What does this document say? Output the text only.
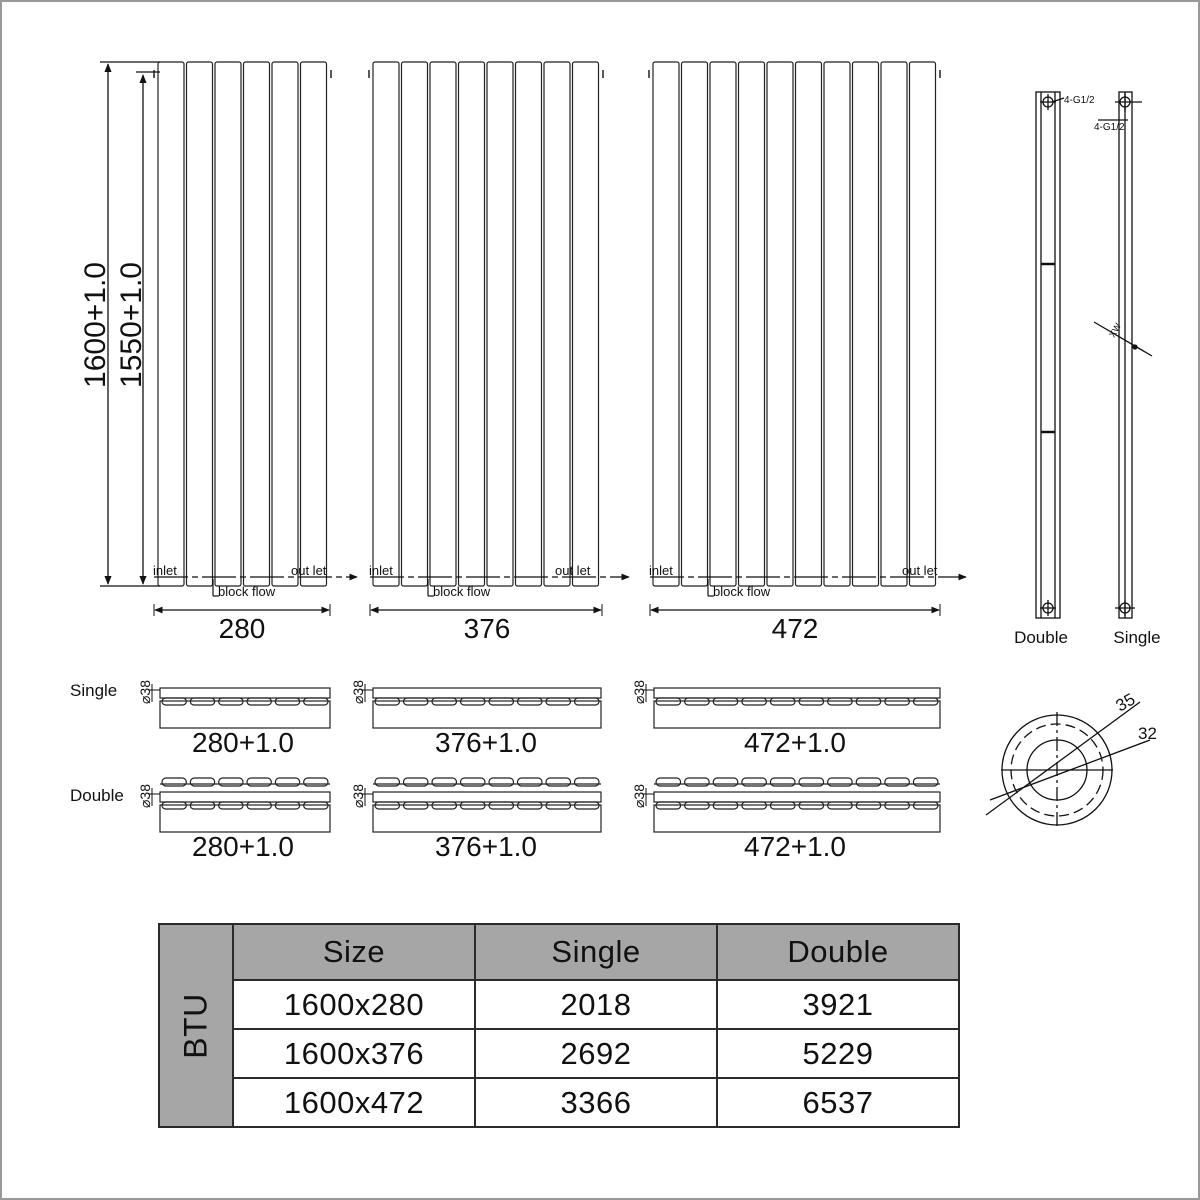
inlet	out let
block flow
280
inlet	out let
block flow
376
inlet	out let
block flow
472
1600+1.0 1550+1.0
4-G1/2
4-G1/2
XW
Double	Single
Single
Double
⌀38
280+1.0
⌀38
376+1.0
⌀38
472+1.0
⌀38
280+1.0
⌀38
376+1.0
⌀38
472+1.0
35
32
BTU	Size	Single	Double
	1600x280	2018	3921
	1600x376	2692	5229
	1600x472	3366	6537
